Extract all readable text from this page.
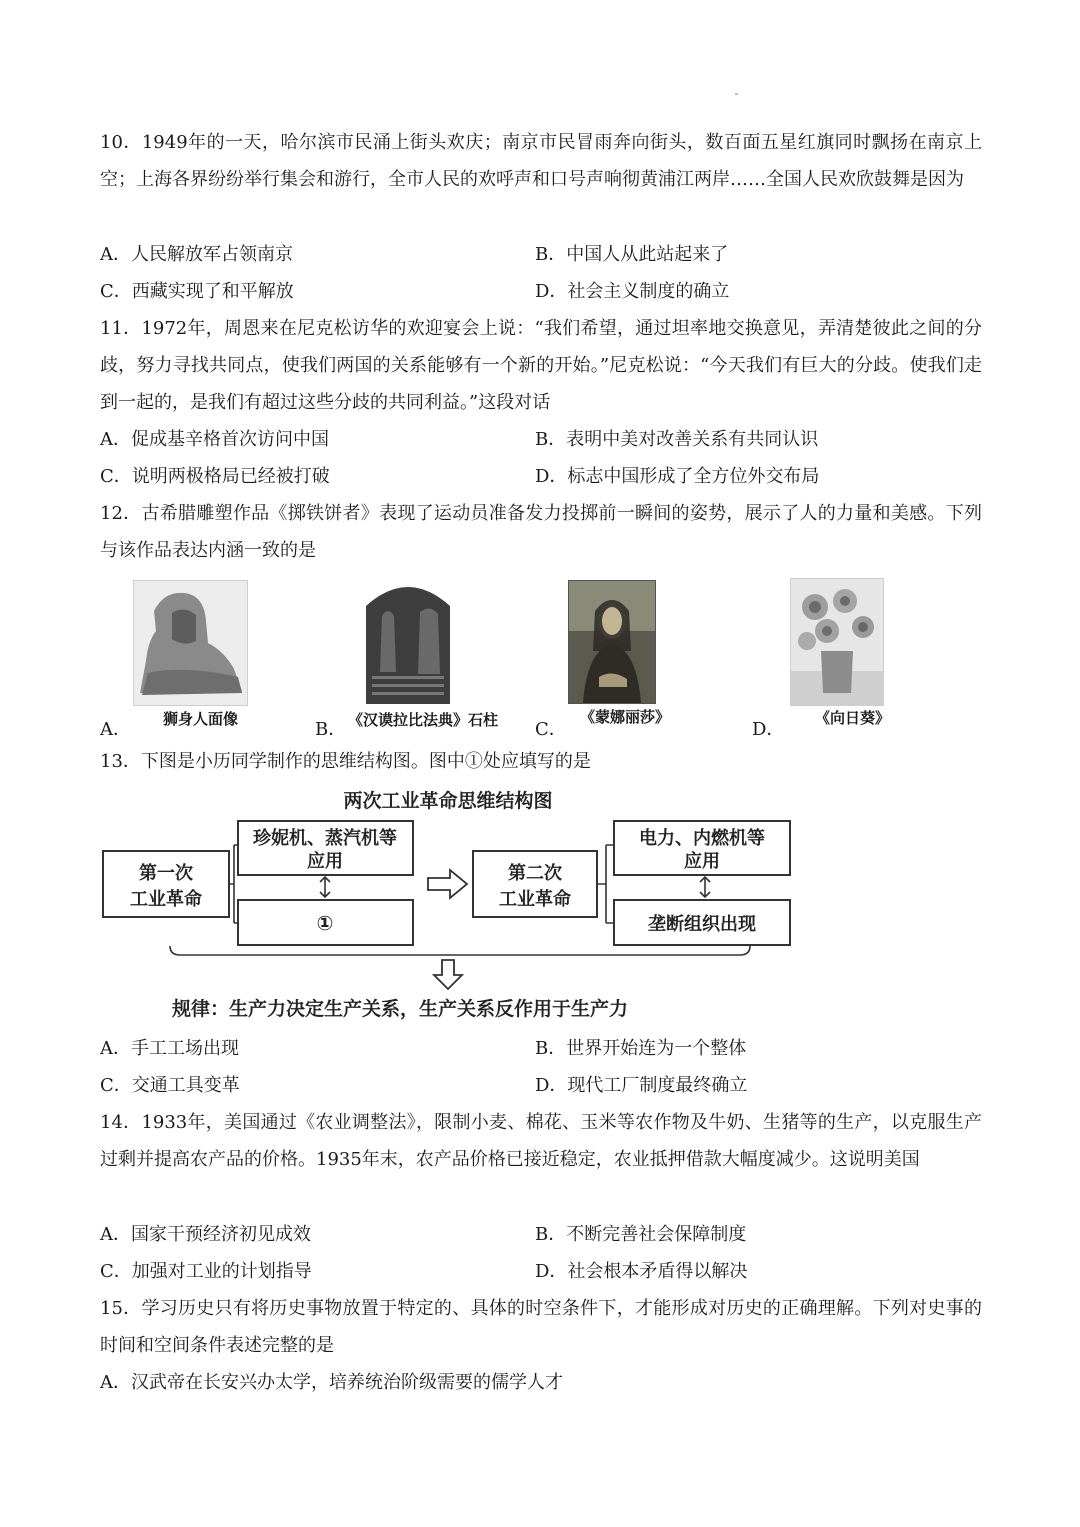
10．1949年的一天，哈尔滨市民涌上街头欢庆；南京市民冒雨奔向街头，数百面五星红旗同时飘扬在南京上空；上海各界纷纷举行集会和游行，全市人民的欢呼声和口号声响彻黄浦江两岸……全国人民欢欣鼓舞是因为
A．人民解放军占领南京	B．中国人从此站起来了
C．西藏实现了和平解放	D．社会主义制度的确立
11．1972年，周恩来在尼克松访华的欢迎宴会上说：“我们希望，通过坦率地交换意见，弄清楚彼此之间的分歧，努力寻找共同点，使我们两国的关系能够有一个新的开始。”尼克松说：“今天我们有巨大的分歧。使我们走到一起的，是我们有超过这些分歧的共同利益。”这段对话
A．促成基辛格首次访问中国	B．表明中美对改善关系有共同认识
C．说明两极格局已经被打破	D．标志中国形成了全方位外交布局
12．古希腊雕塑作品《掷铁饼者》表现了运动员准备发力投掷前一瞬间的姿势，展示了人的力量和美感。下列与该作品表达内涵一致的是
A． 狮身人面像	B． 《汉谟拉比法典》石柱 C．
《蒙娜丽莎》
D．
《向日葵》
13．下图是小历同学制作的思维结构图。图中①处应填写的是
两次工业革命思维结构图
第一次
工业革命
珍妮机、蒸汽机等
应用
①
第二次
工业革命
电力、内燃机等
应用
垄断组织出现
规律：生产力决定生产关系，生产关系反作用于生产力
A．手工工场出现	B．世界开始连为一个整体
C．交通工具变革	D．现代工厂制度最终确立
14．1933年，美国通过《农业调整法》，限制小麦、棉花、玉米等农作物及牛奶、生猪等的生产，以克服生产过剩并提高农产品的价格。1935年末，农产品价格已接近稳定，农业抵押借款大幅度减少。这说明美国
A．国家干预经济初见成效	B．不断完善社会保障制度
C．加强对工业的计划指导	D．社会根本矛盾得以解决
15．学习历史只有将历史事物放置于特定的、具体的时空条件下，才能形成对历史的正确理解。下列对史事的时间和空间条件表述完整的是
A．汉武帝在长安兴办太学，培养统治阶级需要的儒学人才
